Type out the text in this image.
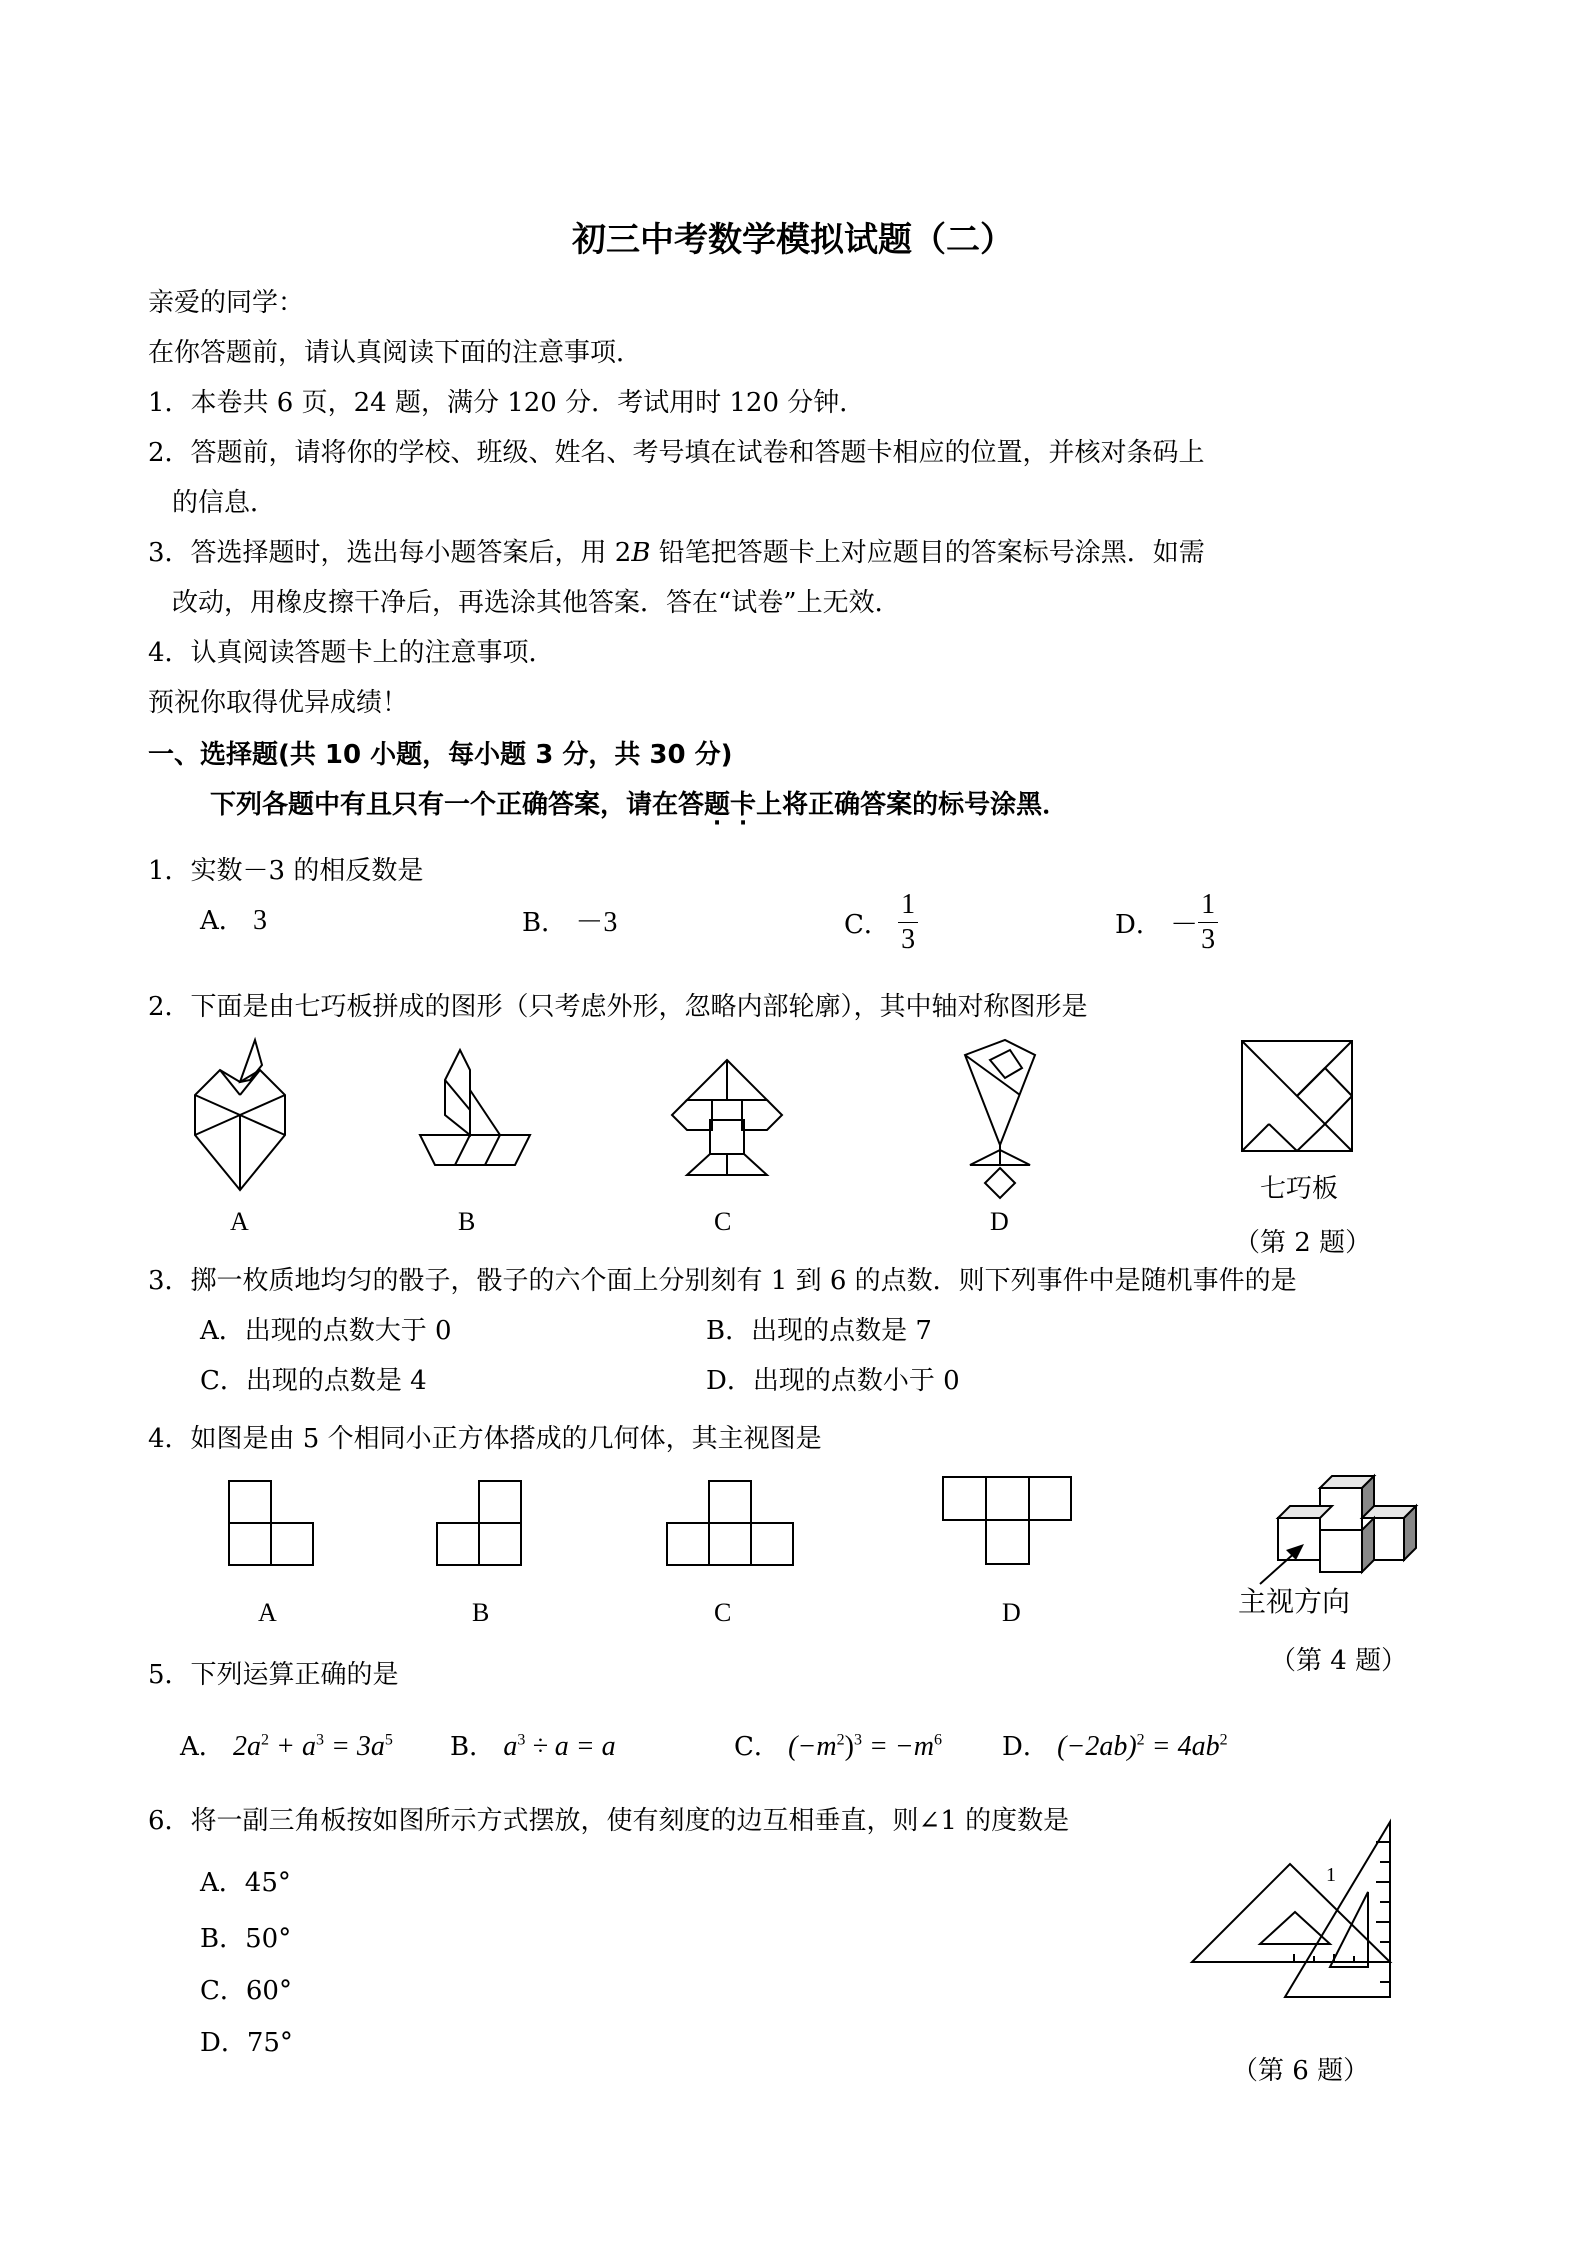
初三中考数学模拟试题（二）
亲爱的同学：
在你答题前，请认真阅读下面的注意事项．
1．本卷共 6 页，24 题，满分 120 分．考试用时 120 分钟．
2．答题前，请将你的学校、班级、姓名、考号填在试卷和答题卡相应的位置，并核对条码上
的信息．
3．答选择题时，选出每小题答案后，用 2B 铅笔把答题卡上对应题目的答案标号涂黑．如需
改动，用橡皮擦干净后，再选涂其他答案．答在“试卷”上无效．
4．认真阅读答题卡上的注意事项．
预祝你取得优异成绩！
一、选择题(共 10 小题，每小题 3 分，共 30 分)
下列各题中有且只有一个正确答案，请在答题卡上将正确答案的标号涂黑．
1．实数－3 的相反数是
A． 3	B． －3	C． $\frac{1}{3}$	D． － $\frac{1}{3}$
2．下面是由七巧板拼成的图形（只考虑外形，忽略内部轮廓），其中轴对称图形是
A	B	C	D
七巧板
（第 2 题）
3．掷一枚质地均匀的骰子，骰子的六个面上分别刻有 1 到 6 的点数．则下列事件中是随机事件的是
A．出现的点数大于 0	B．出现的点数是 7
C．出现的点数是 4	D．出现的点数小于 0
4．如图是由 5 个相同小正方体搭成的几何体，其主视图是
A	B	C	D	主视方向
（第 4 题）
5．下列运算正确的是
A． $2a^2 + a^3 = 3a^5$ B． $a^3 \div a = a$	C． $(-m^2)^3 = -m^6$ D． $(-2ab)^2 = 4ab^2$
6．将一副三角板按如图所示方式摆放，使有刻度的边互相垂直，则∠1 的度数是
A．45°
B．50°
C．60°
D．75°
1
（第 6 题）
